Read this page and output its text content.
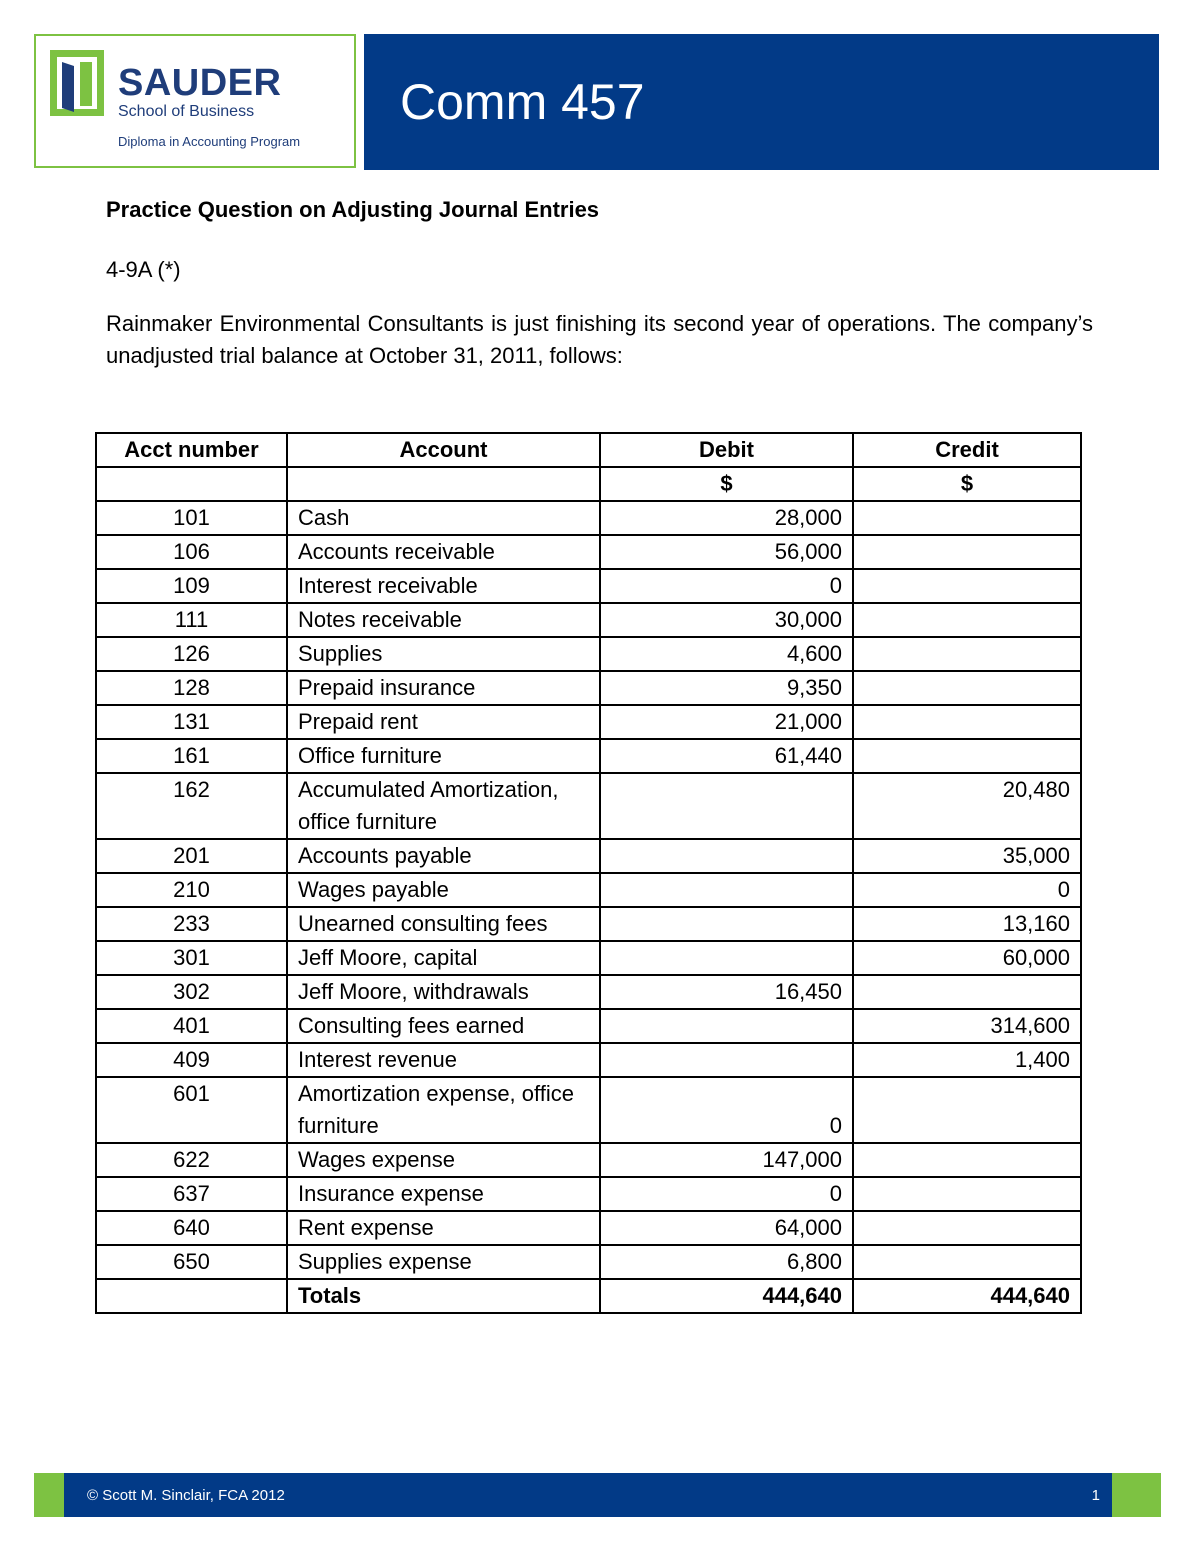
SAUDER
School of Business
Diploma in Accounting Program
Comm 457
Practice Question on Adjusting Journal Entries
4-9A (*)
Rainmaker Environmental Consultants is just finishing its second year of operations. The company’s unadjusted trial balance at October 31, 2011, follows:
Acct number	Account	Debit	Credit
		$	$
101	Cash	28,000	
106	Accounts receivable	56,000	
109	Interest receivable	0	
111	Notes receivable	30,000	
126	Supplies	4,600	
128	Prepaid insurance	9,350	
131	Prepaid rent	21,000	
161	Office furniture	61,440	
162	Accumulated Amortization, office furniture		20,480
201	Accounts payable		35,000
210	Wages payable		0
233	Unearned consulting fees		13,160
301	Jeff Moore, capital		60,000
302	Jeff Moore, withdrawals	16,450	
401	Consulting fees earned		314,600
409	Interest revenue		1,400
601	Amortization expense, office furniture	0	
622	Wages expense	147,000	
637	Insurance expense	0	
640	Rent expense	64,000	
650	Supplies expense	6,800	
	Totals	444,640	444,640
© Scott M. Sinclair, FCA 2012	1
